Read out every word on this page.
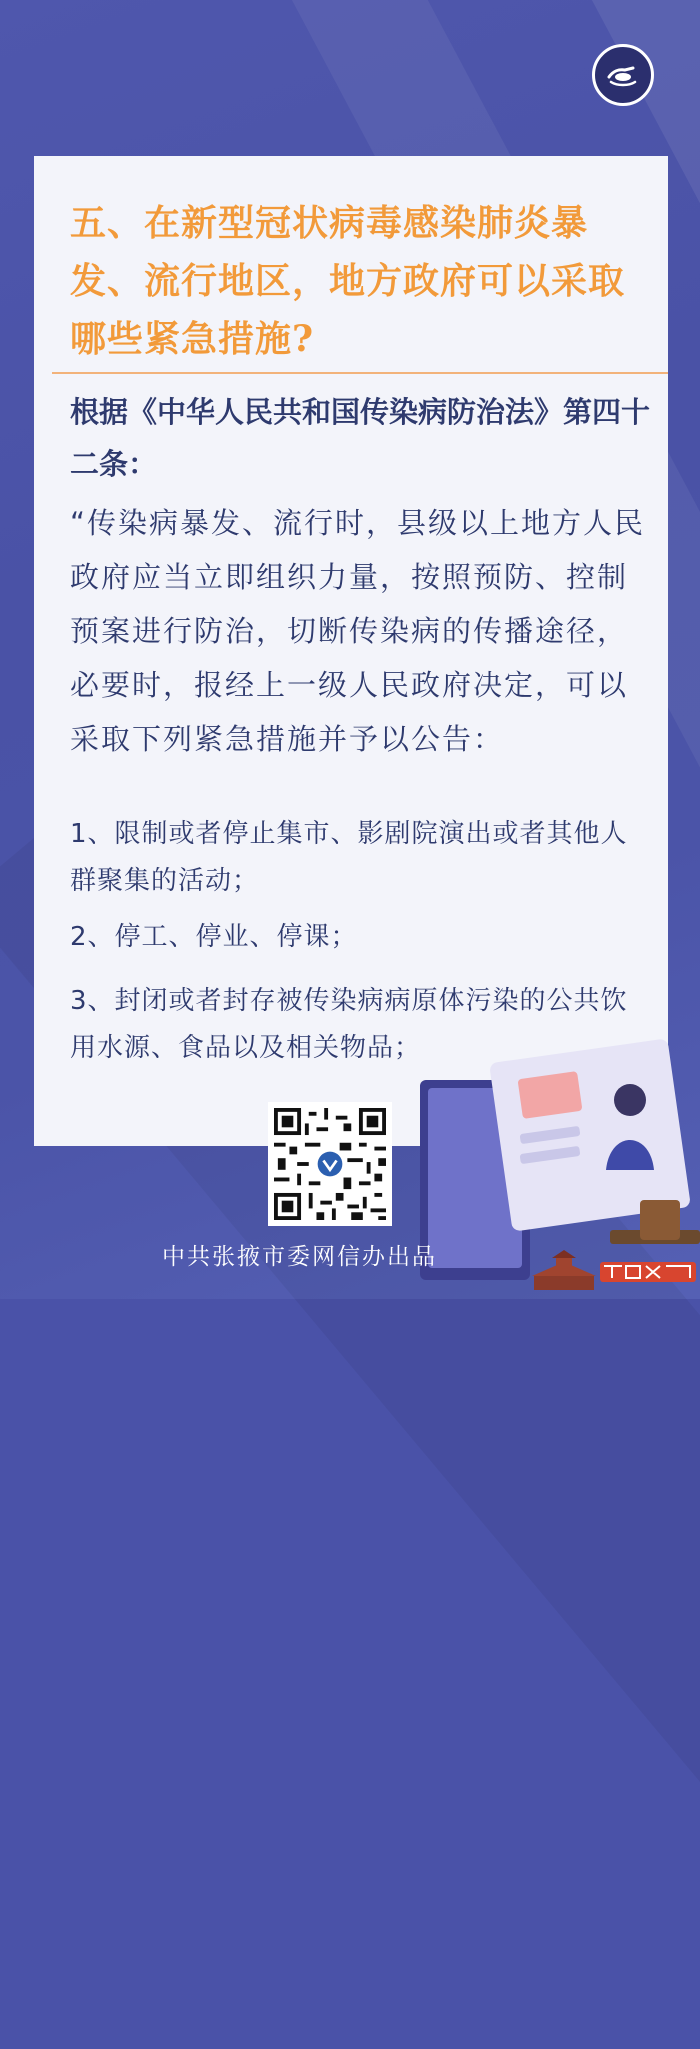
五、在新型冠状病毒感染肺炎暴发、流行地区，地方政府可以采取哪些紧急措施?
根据《中华人民共和国传染病防治法》第四十二条：
“传染病暴发、流行时，县级以上地方人民政府应当立即组织力量，按照预防、控制预案进行防治，切断传染病的传播途径，必要时，报经上一级人民政府决定，可以采取下列紧急措施并予以公告：
1、限制或者停止集市、影剧院演出或者其他人群聚集的活动；
2、停工、停业、停课；
3、封闭或者封存被传染病病原体污染的公共饮用水源、食品以及相关物品；
中共张掖市委网信办出品
